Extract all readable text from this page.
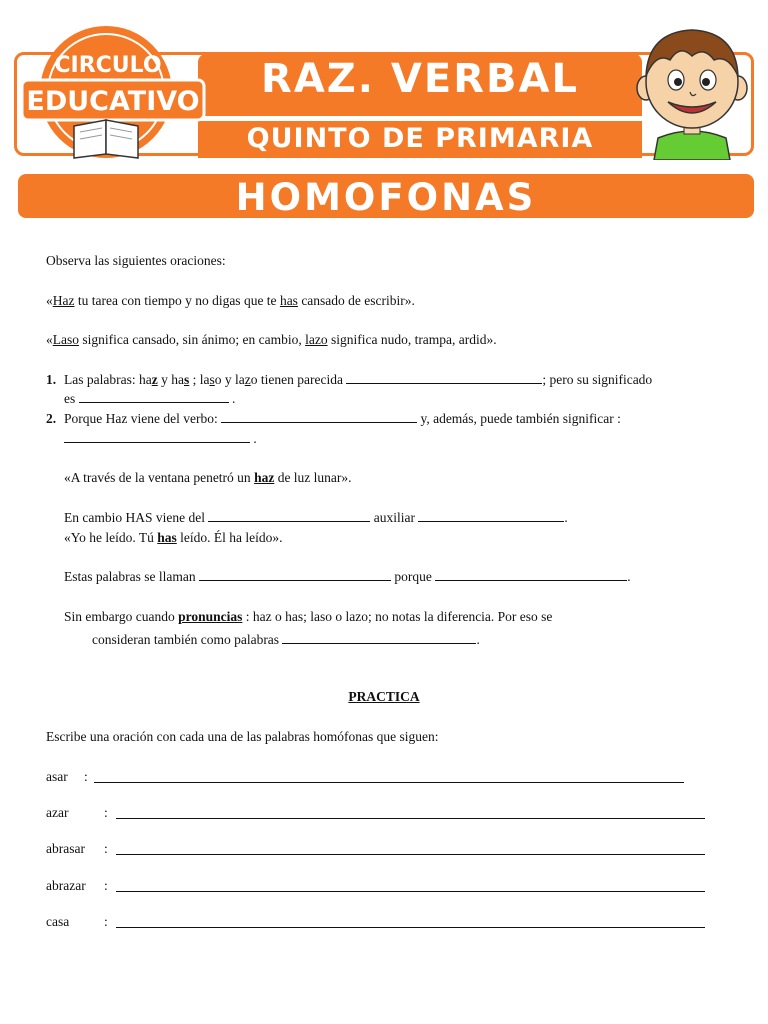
RAZ. VERBAL
QUINTO DE PRIMARIA
CIRCULO
EDUCATIVO
HOMOFONAS
Observa las siguientes oraciones:
«Haz tu tarea con tiempo y no digas que te has cansado de escribir».
«Laso significa cansado, sin ánimo; en cambio, lazo significa nudo, trampa, ardid».
1. Las palabras: haz y has ; laso y lazo tienen parecida	; pero su significado
es	.
2. Porque Haz viene del verbo:	y, además, puede también significar :
.
«A través de la ventana penetró un haz de luz lunar».
En cambio HAS viene del	auxiliar	.
«Yo he leído. Tú has leído. Él ha leído».
Estas palabras se llaman	porque	.
Sin embargo cuando pronuncias : haz o has; laso o lazo; no notas la diferencia. Por eso se
consideran también como palabras	.
PRACTICA
Escribe una oración con cada una de las palabras homófonas que siguen:
asar :
azar	:
abrasar :
abrazar :
casa	:
